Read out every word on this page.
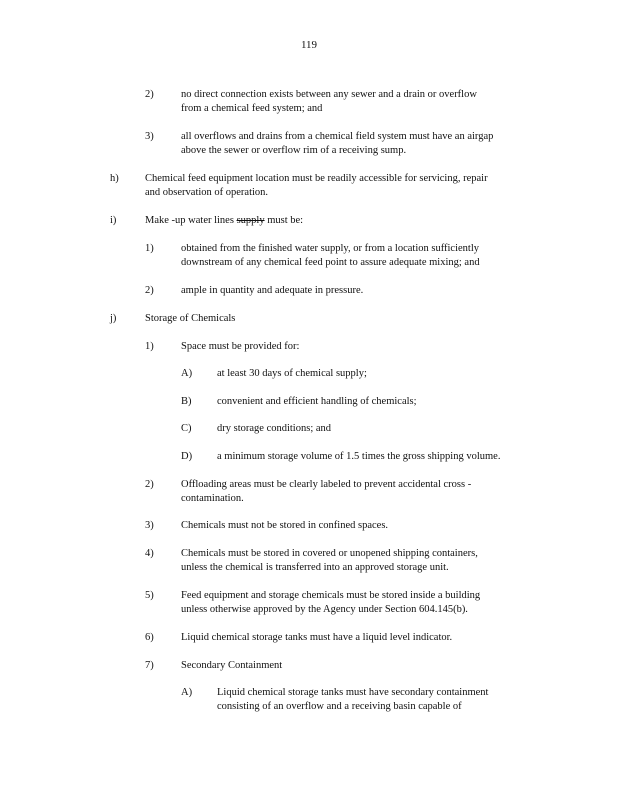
119
2)	no direct connection exists between any sewer and a drain or overflow
from a chemical feed system; and
3)	all overflows and drains from a chemical field system must have an airgap
above the sewer or overflow rim of a receiving sump.
h)	Chemical feed equipment location must be readily accessible for servicing, repair
and observation of operation.
i)	Make -up water lines supply must be:
1)	obtained from the finished water supply, or from a location sufficiently
downstream of any chemical feed point to assure adequate mixing; and
2)	ample in quantity and adequate in pressure.
j)	Storage of Chemicals
1)	Space must be provided for:
A) at least 30 days of chemical supply;
B) convenient and efficient handling of chemicals;
C) dry storage conditions; and
D) a minimum storage volume of 1.5 times the gross shipping volume.
2)	Offloading areas must be clearly labeled to prevent accidental cross -
contamination.
3)	Chemicals must not be stored in confined spaces.
4)	Chemicals must be stored in covered or unopened shipping containers,
unless the chemical is transferred into an approved storage unit.
5)	Feed equipment and storage chemicals must be stored inside a building
unless otherwise approved by the Agency under Section 604.145(b).
6)	Liquid chemical storage tanks must have a liquid level indicator.
7)	Secondary Containment
A) Liquid chemical storage tanks must have secondary containment
consisting of an overflow and a receiving basin capable of
